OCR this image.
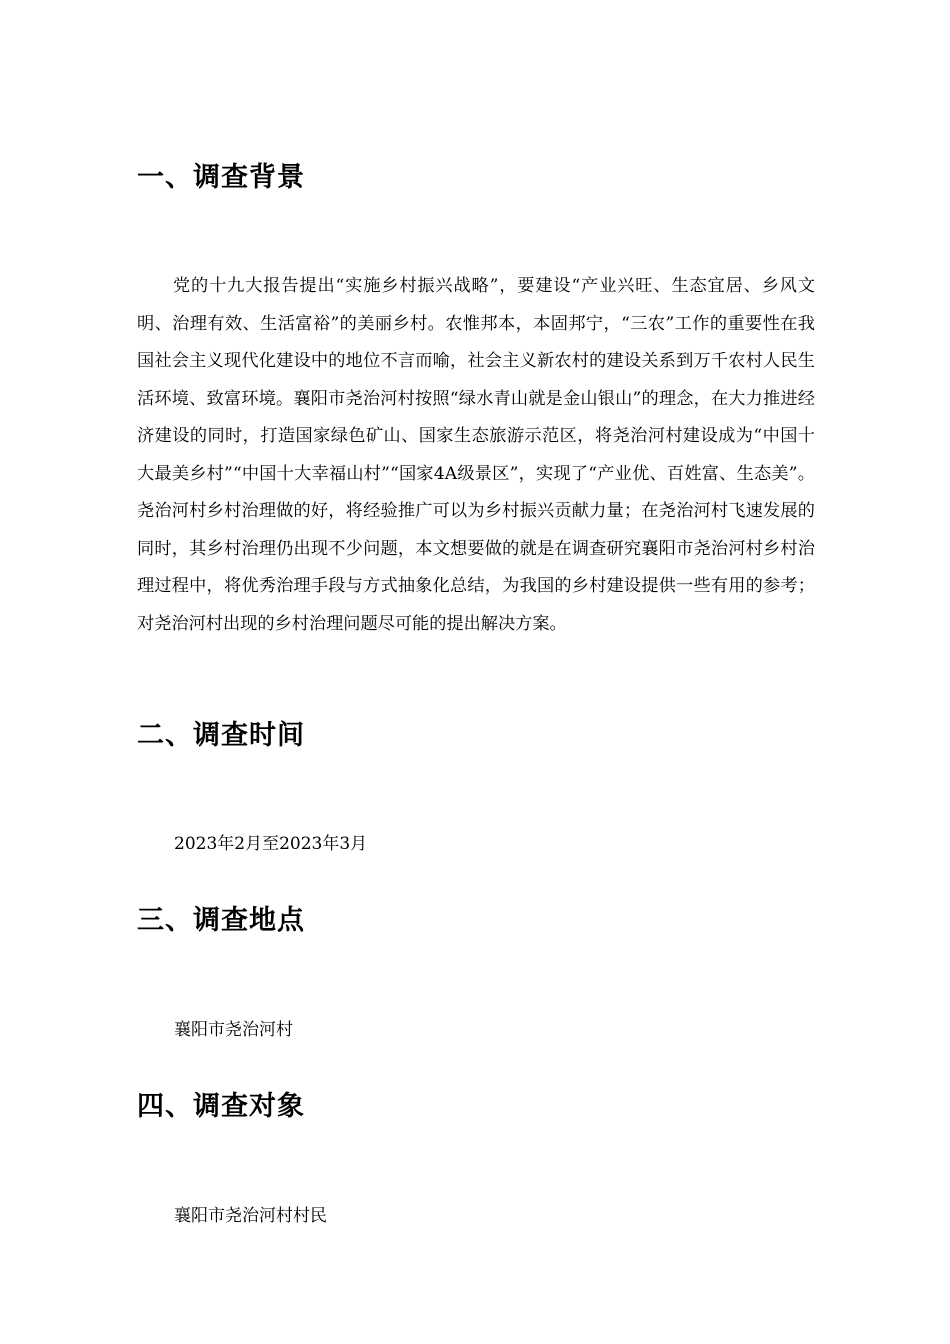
一、调查背景

党的十九大报告提出“实施乡村振兴战略”，要建设“产业兴旺、生态宜居、乡风文明、治理有效、生活富裕”的美丽乡村。农惟邦本，本固邦宁，“三农”工作的重要性在我国社会主义现代化建设中的地位不言而喻，社会主义新农村的建设关系到万千农村人民生活环境、致富环境。襄阳市尧治河村按照“绿水青山就是金山银山”的理念，在大力推进经济建设的同时，打造国家绿色矿山、国家生态旅游示范区，将尧治河村建设成为“中国十大最美乡村”“中国十大幸福山村”“国家4A级景区”，实现了“产业优、百姓富、生态美”。尧治河村乡村治理做的好，将经验推广可以为乡村振兴贡献力量；在尧治河村飞速发展的同时，其乡村治理仍出现不少问题，本文想要做的就是在调查研究襄阳市尧治河村乡村治理过程中，将优秀治理手段与方式抽象化总结，为我国的乡村建设提供一些有用的参考；对尧治河村出现的乡村治理问题尽可能的提出解决方案。

二、调查时间

2023年2月至2023年3月

三、调查地点

襄阳市尧治河村

四、调查对象

襄阳市尧治河村村民
